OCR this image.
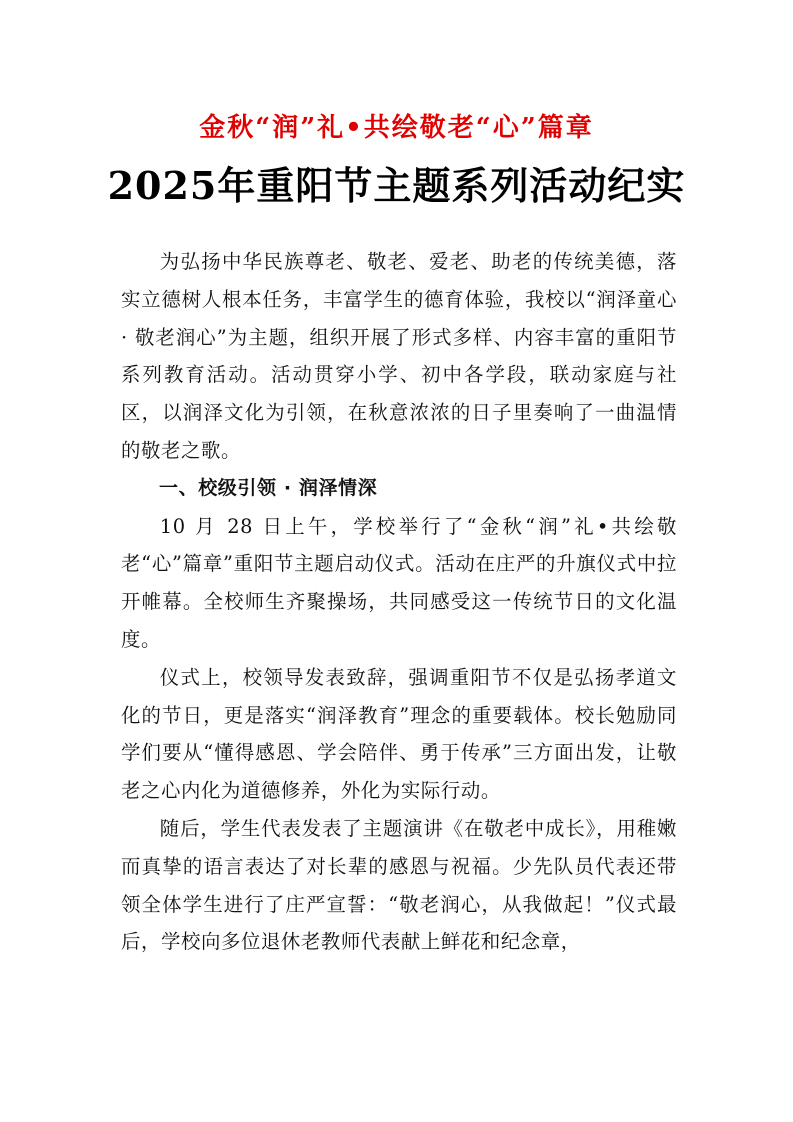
金秋“润”礼•共绘敬老“心”篇章
2025年重阳节主题系列活动纪实

为弘扬中华民族尊老、敬老、爱老、助老的传统美德，落实立德树人根本任务，丰富学生的德育体验，我校以“润泽童心 · 敬老润心”为主题，组织开展了形式多样、内容丰富的重阳节系列教育活动。活动贯穿小学、初中各学段，联动家庭与社区，以润泽文化为引领，在秋意浓浓的日子里奏响了一曲温情的敬老之歌。

一、校级引领 · 润泽情深

10 月 28 日上午，学校举行了“金秋“润”礼•共绘敬老“心”篇章”重阳节主题启动仪式。活动在庄严的升旗仪式中拉开帷幕。全校师生齐聚操场，共同感受这一传统节日的文化温度。

仪式上，校领导发表致辞，强调重阳节不仅是弘扬孝道文化的节日，更是落实“润泽教育”理念的重要载体。校长勉励同学们要从“懂得感恩、学会陪伴、勇于传承”三方面出发，让敬老之心内化为道德修养，外化为实际行动。

随后，学生代表发表了主题演讲《在敬老中成长》，用稚嫩而真挚的语言表达了对长辈的感恩与祝福。少先队员代表还带领全体学生进行了庄严宣誓：“敬老润心，从我做起！”仪式最后，学校向多位退休老教师代表献上鲜花和纪念章，
